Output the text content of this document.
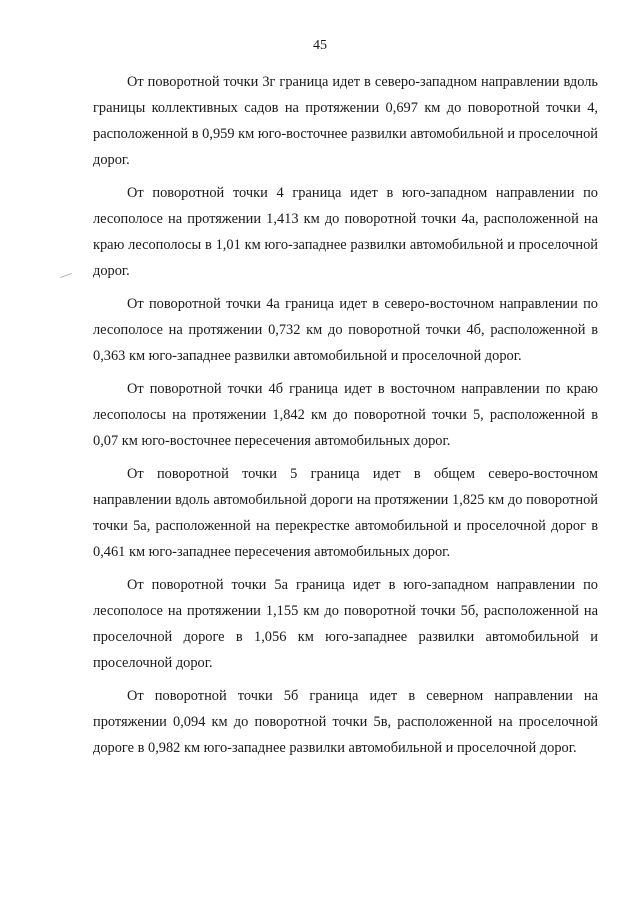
45

От поворотной точки 3г граница идет в северо-западном направлении вдоль границы коллективных садов на протяжении 0,697 км до поворотной точки 4, расположенной в 0,959 км юго-восточнее развилки автомобильной и проселочной дорог.

От поворотной точки 4 граница идет в юго-западном направлении по лесополосе на протяжении 1,413 км до поворотной точки 4а, расположенной на краю лесополосы в 1,01 км юго-западнее развилки автомобильной и проселочной дорог.

От поворотной точки 4а граница идет в северо-восточном направлении по лесополосе на протяжении 0,732 км до поворотной точки 4б, расположенной в 0,363 км юго-западнее развилки автомобильной и проселочной дорог.

От поворотной точки 4б граница идет в восточном направлении по краю лесополосы на протяжении 1,842 км до поворотной точки 5, расположенной в 0,07 км юго-восточнее пересечения автомобильных дорог.

От поворотной точки 5 граница идет в общем северо-восточном направлении вдоль автомобильной дороги на протяжении 1,825 км до поворотной точки 5а, расположенной на перекрестке автомобильной и проселочной дорог в 0,461 км юго-западнее пересечения автомобильных дорог.

От поворотной точки 5а граница идет в юго-западном направлении по лесополосе на протяжении 1,155 км до поворотной точки 5б, расположенной на проселочной дороге в 1,056 км юго-западнее развилки автомобильной и проселочной дорог.

От поворотной точки 5б граница идет в северном направлении на протяжении 0,094 км до поворотной точки 5в, расположенной на проселочной дороге в 0,982 км юго-западнее развилки автомобильной и проселочной дорог.
